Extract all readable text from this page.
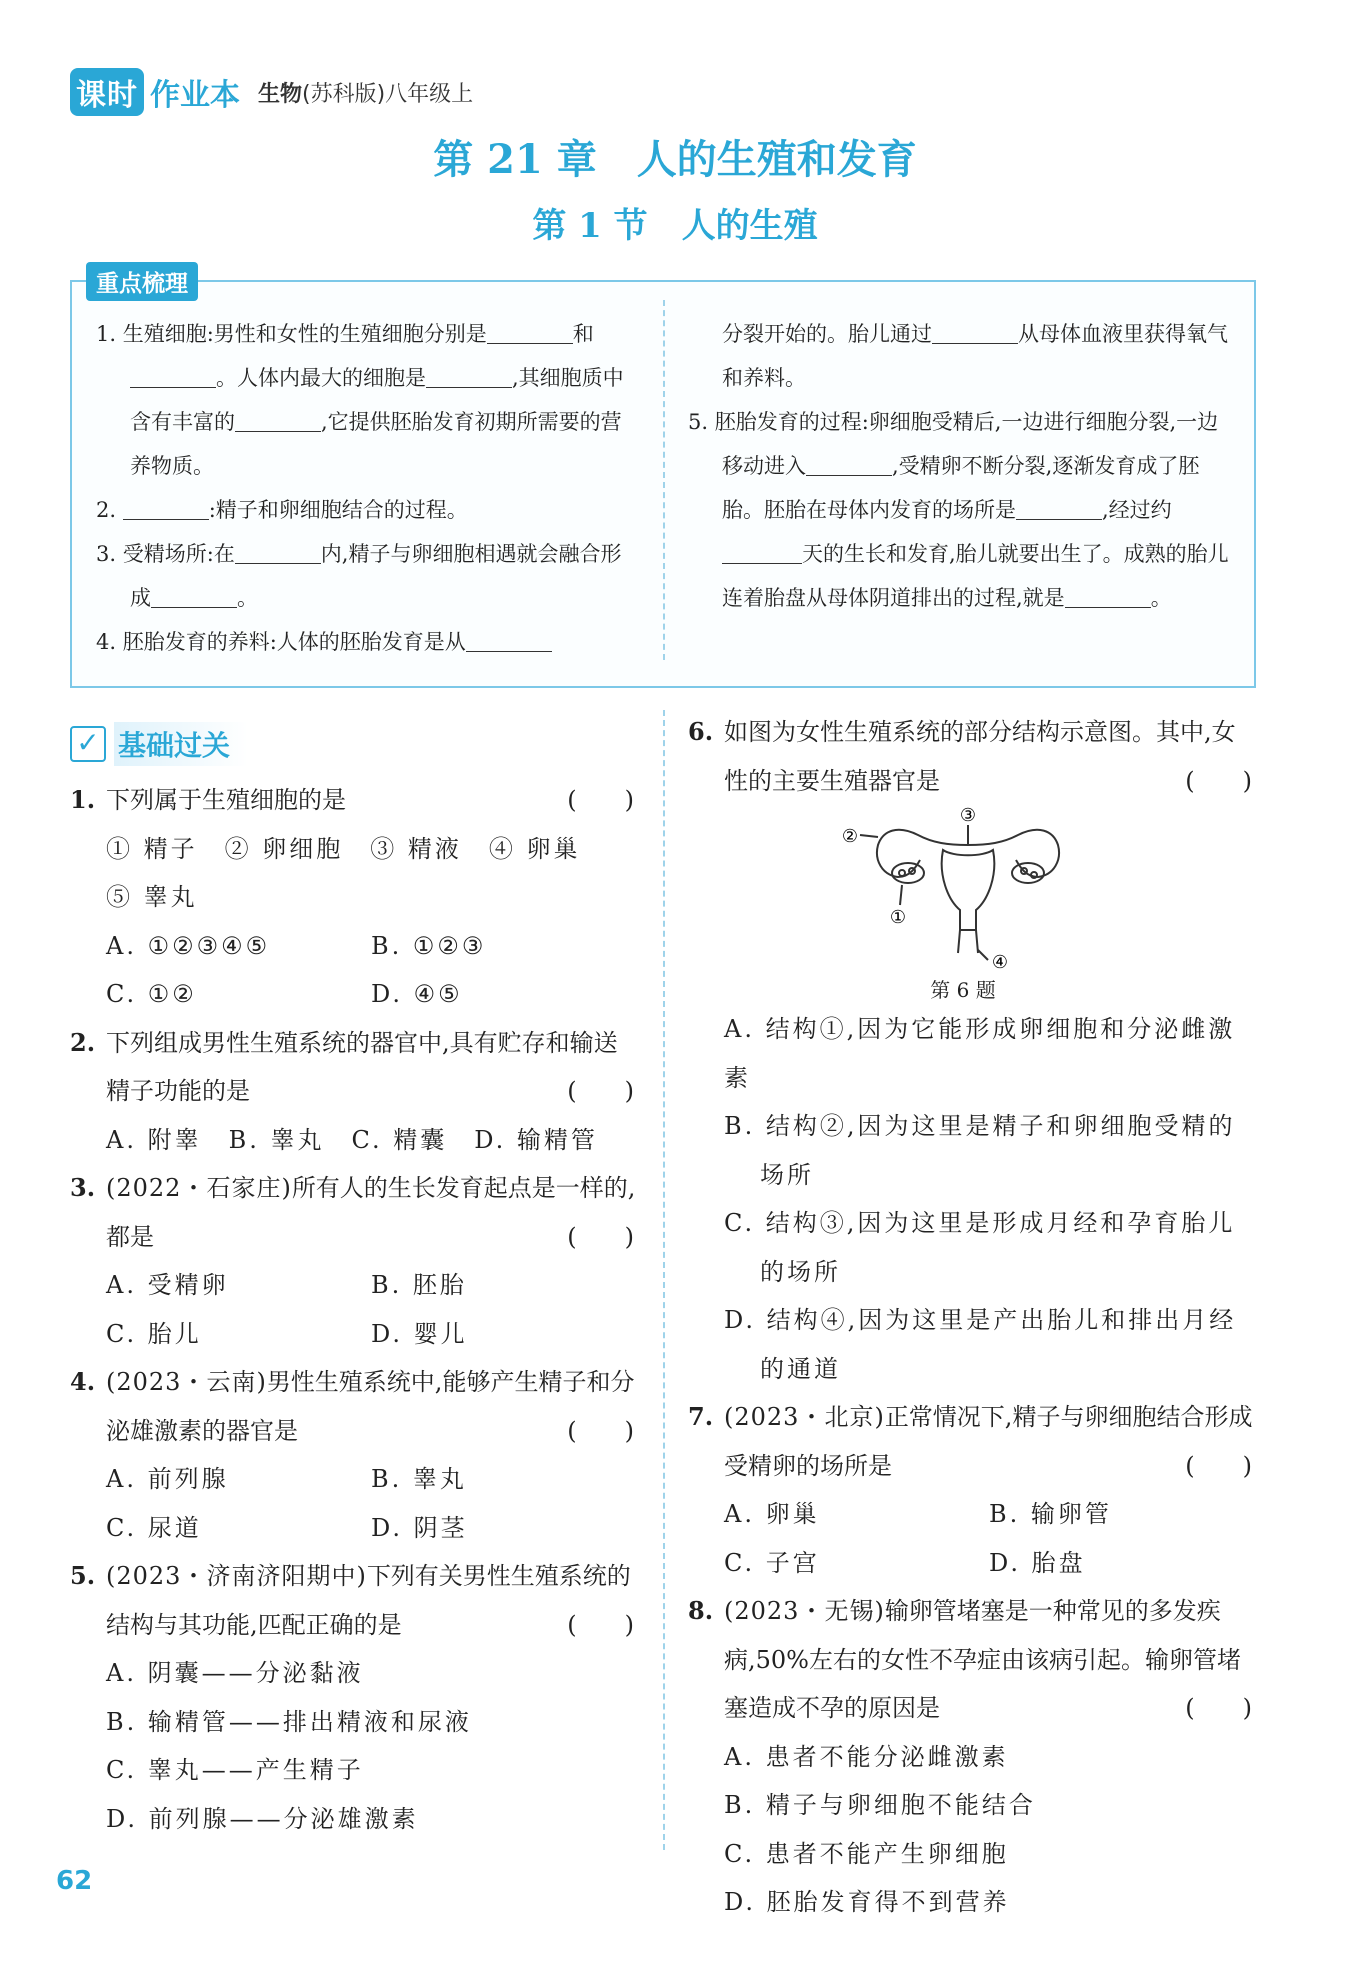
课时 作业本 生物(苏科版)八年级上
第 21 章　人的生殖和发育
第 1 节　人的生殖
重点梳理

1. 生殖细胞:男性和女性的生殖细胞分别是	和。人体内最大的细胞是	,其细胞质中含有丰富的	,它提供胚胎发育初期所需要的营养物质。

2.	:精子和卵细胞结合的过程。

3. 受精场所:在	内,精子与卵细胞相遇就会融合形成	。

4. 胚胎发育的养料:人体的胚胎发育是从

分裂开始的。胎儿通过	从母体血液里获得氧气和养料。

5. 胚胎发育的过程:卵细胞受精后,一边进行细胞分裂,一边移动进入	,受精卵不断分裂,逐渐发育成了胚胎。胚胎在母体内发育的场所是	,经过约天的生长和发育,胎儿就要出生了。成熟的胎儿连着胎盘从母体阴道排出的过程,就是	。

✓ 基础过关
1. 下列属于生殖细胞的是	(　　)
① 精子　② 卵细胞　③ 精液　④ 卵巢
⑤ 睾丸
A. ①②③④⑤	B. ①②③
C. ①②	D. ④⑤
2. 下列组成男性生殖系统的器官中,具有贮存和输送精子功能的是	(　　)
A. 附睾　B. 睾丸　C. 精囊　D. 输精管
3. (2022・石家庄)所有人的生长发育起点是一样的,都是	(　　)
A. 受精卵	B. 胚胎
C. 胎儿	D. 婴儿
4. (2023・云南)男性生殖系统中,能够产生精子和分泌雄激素的器官是	(　　)
A. 前列腺	B. 睾丸
C. 尿道	D. 阴茎
5. (2023・济南济阳期中)下列有关男性生殖系统的结构与其功能,匹配正确的是	(　　)
A. 阴囊——分泌黏液
B. 输精管——排出精液和尿液
C. 睾丸——产生精子
D. 前列腺——分泌雄激素
6. 如图为女性生殖系统的部分结构示意图。其中,女性的主要生殖器官是	(　　)
③
②
①
④
第 6 题
A. 结构①,因为它能形成卵细胞和分泌雌激素
B. 结构②,因为这里是精子和卵细胞受精的场所
C. 结构③,因为这里是形成月经和孕育胎儿的场所
D. 结构④,因为这里是产出胎儿和排出月经的通道
7. (2023・北京)正常情况下,精子与卵细胞结合形成受精卵的场所是	(　　)
A. 卵巢	B. 输卵管
C. 子宫	D. 胎盘
8. (2023・无锡)输卵管堵塞是一种常见的多发疾病,50%左右的女性不孕症由该病引起。输卵管堵塞造成不孕的原因是	(　　)
A. 患者不能分泌雌激素
B. 精子与卵细胞不能结合
C. 患者不能产生卵细胞
D. 胚胎发育得不到营养
62
